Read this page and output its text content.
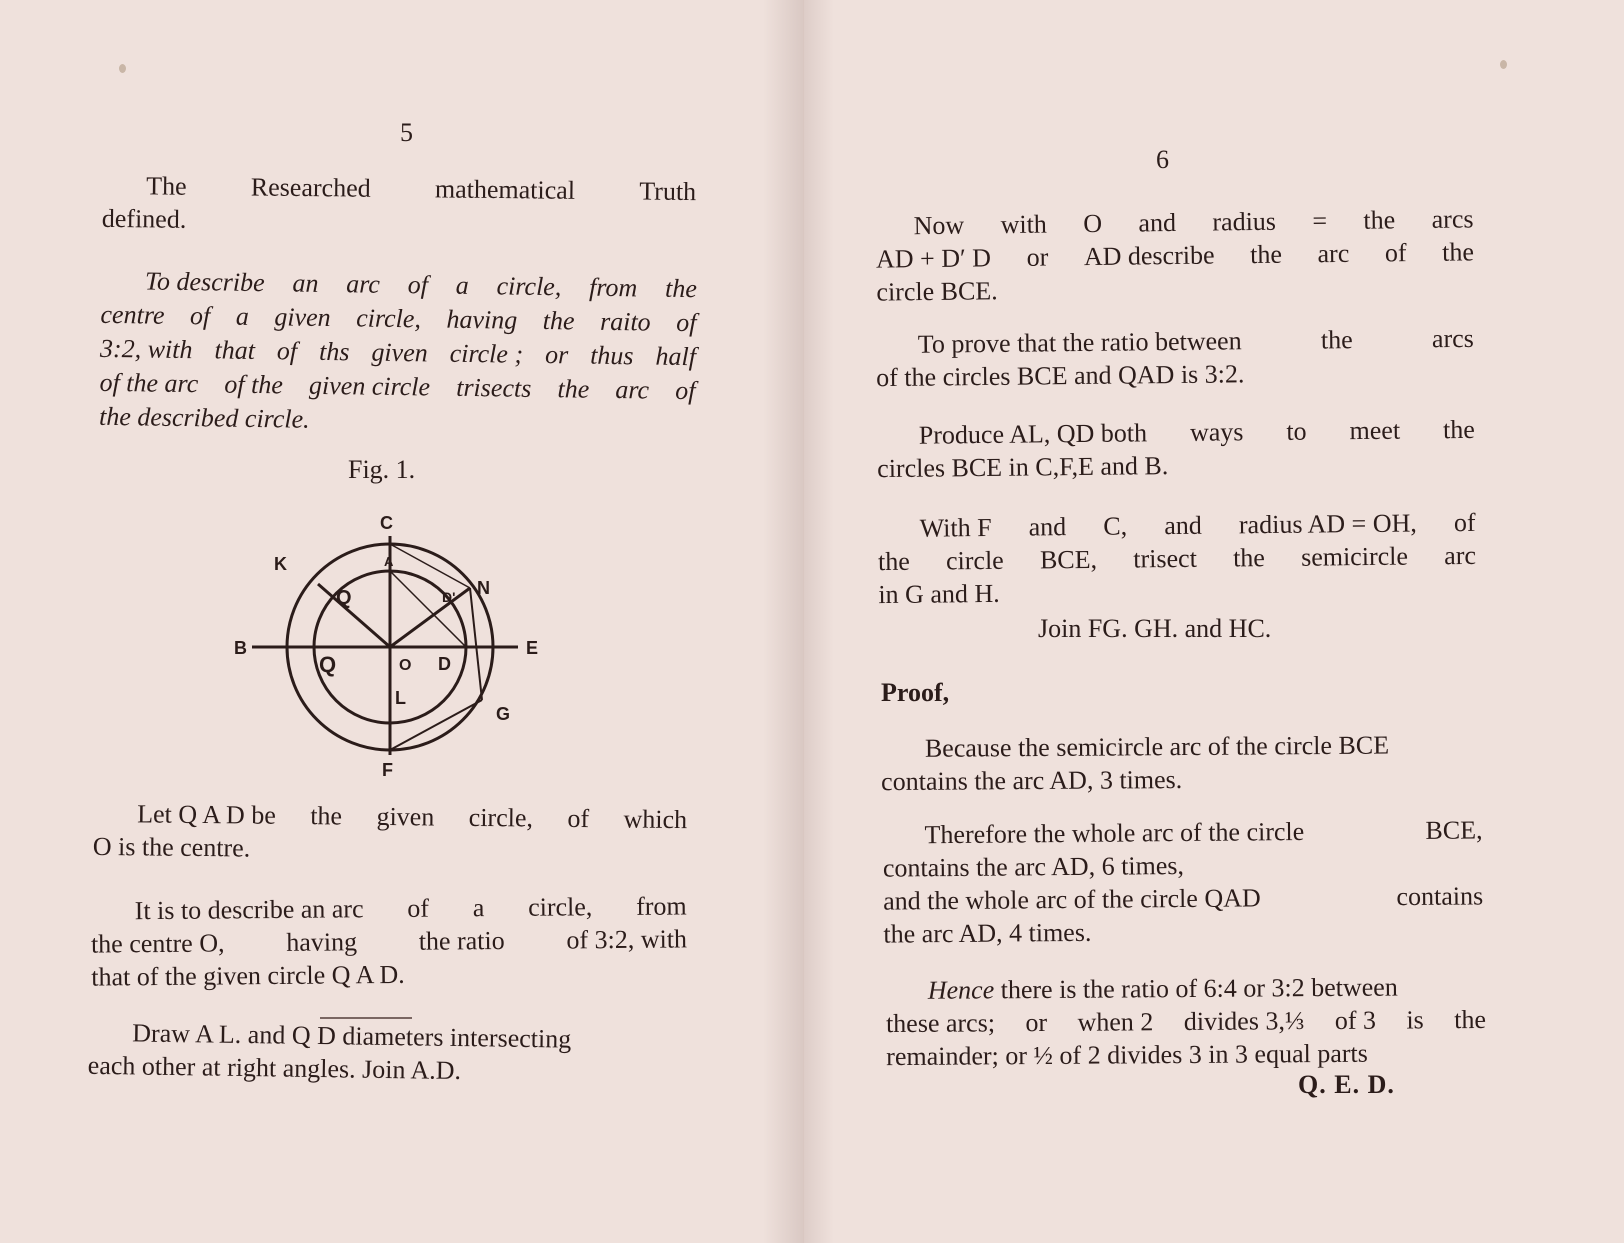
5
The Researched mathematical Truth
defined.
To describe an arc of a circle, from the
centre of a given circle, having the raito of
3:2, with that of ths given circle ; or thus half
of the arc of the given circle trisects the arc of
the described circle.
Fig. 1.
C
K	A
Q́	D' N
B
Q	O D
E
L
G
F
Let Q A D be the given circle, of which
O is the centre.
It is to describe an arc of a circle, from
the centre O, having the ratio of 3:2, with
that of the given circle Q A D.
Draw A L. and Q D diameters intersecting
each other at right angles. Join A.D.
6
Now with O and radius = the arcs
AD + D′ D or AD describe the arc of the
circle BCE.
To prove that the ratio between	the	arcs
of the circles BCE and QAD is 3:2.
Produce AL, QD both ways to meet the
circles BCE in C,F,E and B.
With F and C, and radius AD = OH, of
the circle BCE, trisect the semicircle arc
in G and H.
Join FG. GH. and HC.
Proof,
Because the semicircle arc of the circle BCE
contains the arc AD, 3 times.
Therefore the whole arc of the circle	BCE,
contains the arc AD, 6 times,
and the whole arc of the circle QAD	contains
the arc AD, 4 times.
Hence there is the ratio of 6:4 or 3:2 between
these arcs; or when 2 divides 3,⅓ of 3 is the
remainder; or ½ of 2 divides 3 in 3 equal parts
Q. E. D.
